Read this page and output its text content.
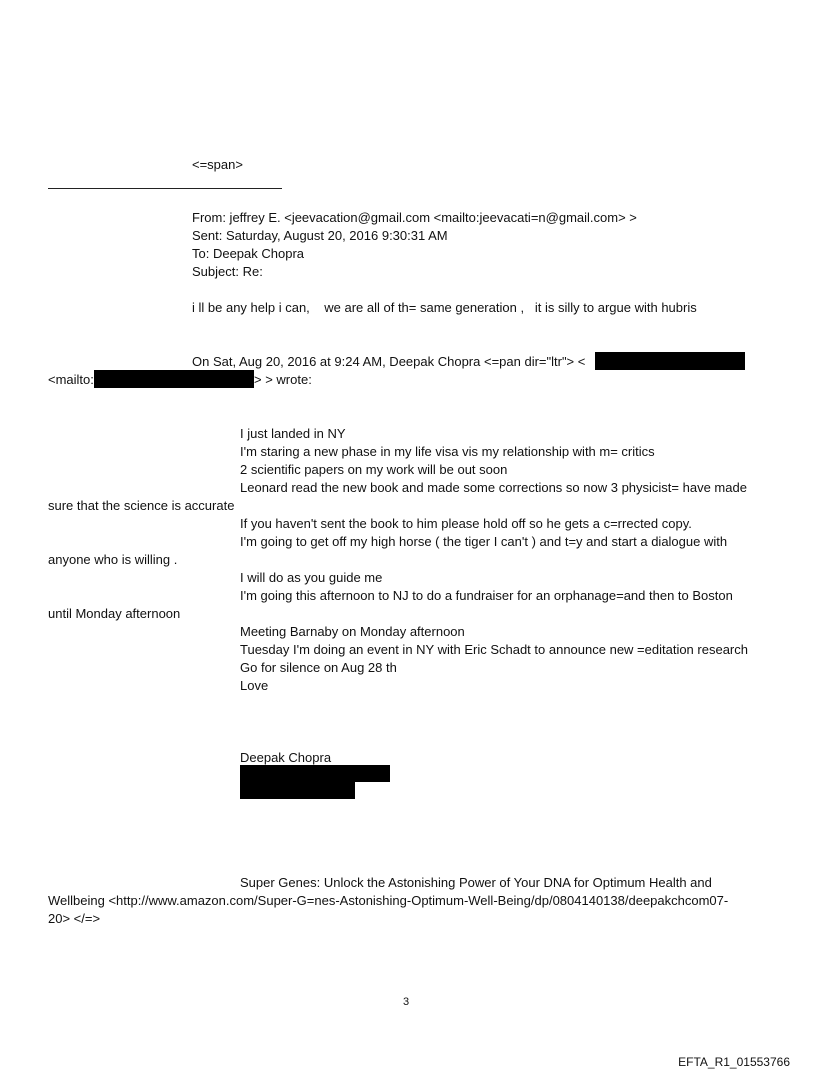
<=span>
From: jeffrey E. <jeevacation@gmail.com <mailto:jeevacati=n@gmail.com> >
Sent: Saturday, August 20, 2016 9:30:31 AM
To: Deepak Chopra
Subject: Re:
i ll be any help i can,    we are all of th= same generation ,   it is silly to argue with hubris
On Sat, Aug 20, 2016 at 9:24 AM, Deepak Chopra <=pan dir="ltr"> <
<mailto:	> > wrote:
I just landed in NY
I'm staring a new phase in my life visa vis my relationship with m= critics
2 scientific papers on my work will be out soon
Leonard read the new book and made some corrections so now 3 physicist= have made
sure that the science is accurate
If you haven't sent the book to him please hold off so he gets a c=rrected copy.
I'm going to get off my high horse ( the tiger I can't ) and t=y and start a dialogue with
anyone who is willing .
I will do as you guide me
I'm going this afternoon to NJ to do a fundraiser for an orphanage=and then to Boston
until Monday afternoon
Meeting Barnaby on Monday afternoon
Tuesday I'm doing an event in NY with Eric Schadt to announce new =editation research
Go for silence on Aug 28 th
Love
Deepak Chopra
Super Genes: Unlock the Astonishing Power of Your DNA for Optimum Health and
Wellbeing <http://www.amazon.com/Super-G=nes-Astonishing-Optimum-Well-Being/dp/0804140138/deepakchcom07-
20> </=>
3
EFTA_R1_01553766
